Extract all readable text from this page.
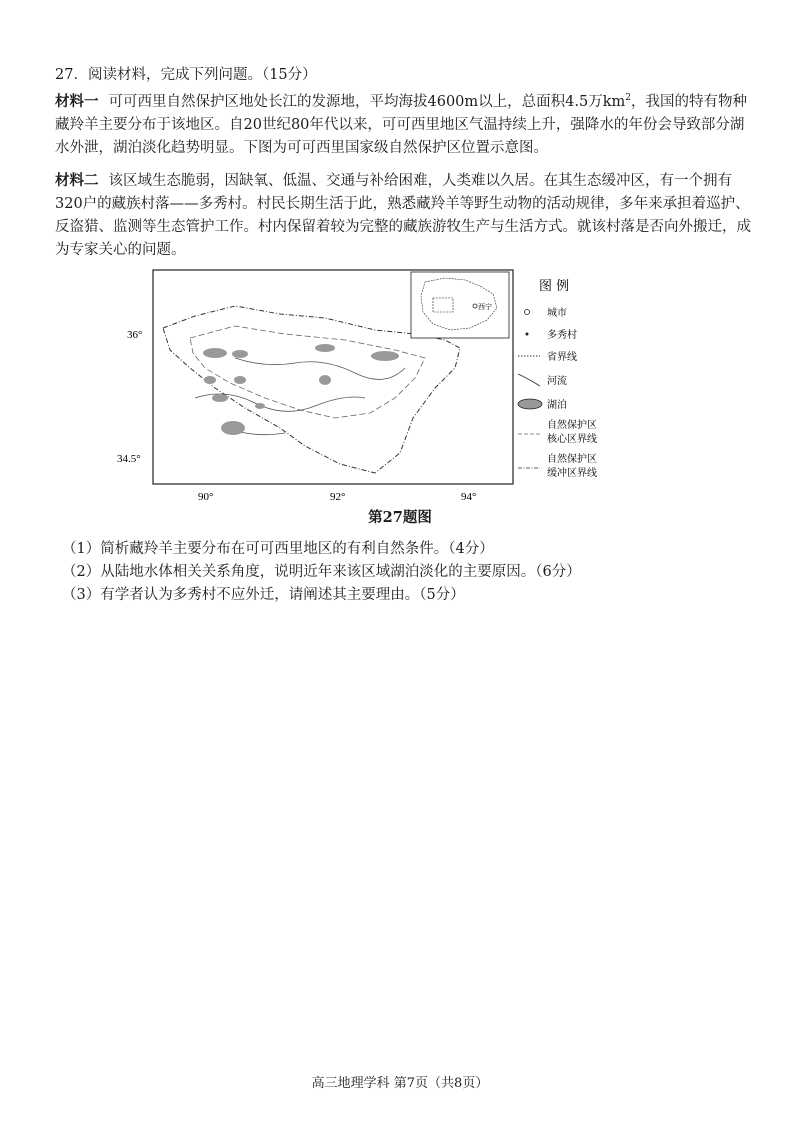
27．阅读材料，完成下列问题。（15分）
材料一 可可西里自然保护区地处长江的发源地，平均海拔4600m以上，总面积4.5万$km^2$，我国的特有物种藏羚羊主要分布于该地区。自20世纪80年代以来，可可西里地区气温持续上升，强降水的年份会导致部分湖水外泄，湖泊淡化趋势明显。下图为可可西里国家级自然保护区位置示意图。
材料二 该区域生态脆弱，因缺氧、低温、交通与补给困难，人类难以久居。在其生态缓冲区，有一个拥有320户的藏族村落——多秀村。村民长期生活于此，熟悉藏羚羊等野生动物的活动规律，多年来承担着巡护、反盗猎、监测等生态管护工作。村内保留着较为完整的藏族游牧生产与生活方式。就该村落是否向外搬迁，成为专家关心的问题。
36°
34.5°
90°	92°	94°
西宁
图 例
城市
多秀村
省界线
河流
湖泊
自然保护区
核心区界线
自然保护区
缓冲区界线
第27题图
（1）简析藏羚羊主要分布在可可西里地区的有利自然条件。（4分）
（2）从陆地水体相关关系角度，说明近年来该区域湖泊淡化的主要原因。（6分）
（3）有学者认为多秀村不应外迁，请阐述其主要理由。（5分）
高三地理学科 第7页（共8页）
